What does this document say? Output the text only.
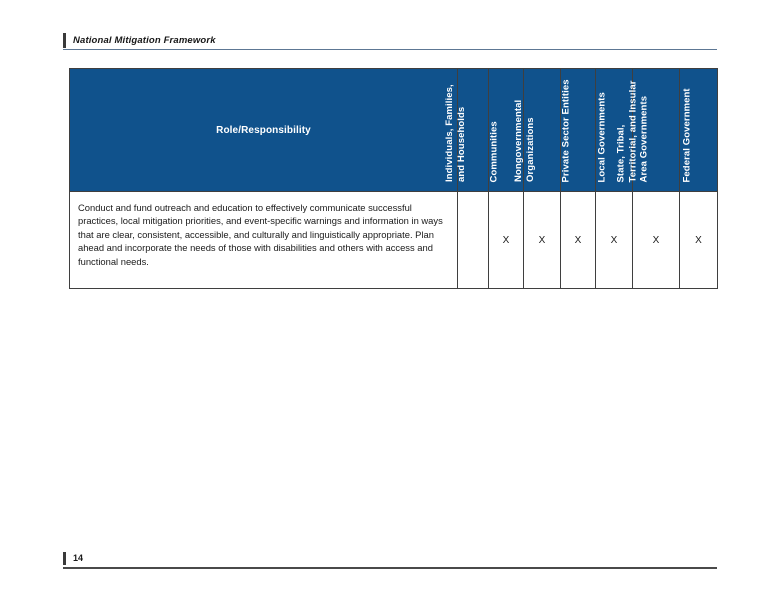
National Mitigation Framework
Role/Responsibility	Individuals, Families, and Households	Communities	Nongovernmental Organizations	Private Sector Entities	Local Governments	State, Tribal, Territorial, and Insular Area Governments	Federal Government

Conduct and fund outreach and education to effectively communicate successful practices, local mitigation priorities, and event-specific warnings and information in ways that are clear, consistent, accessible, and culturally and linguistically appropriate. Plan ahead and incorporate the needs of those with disabilities and others with access and functional needs.		X	X	X	X	X	X
14
